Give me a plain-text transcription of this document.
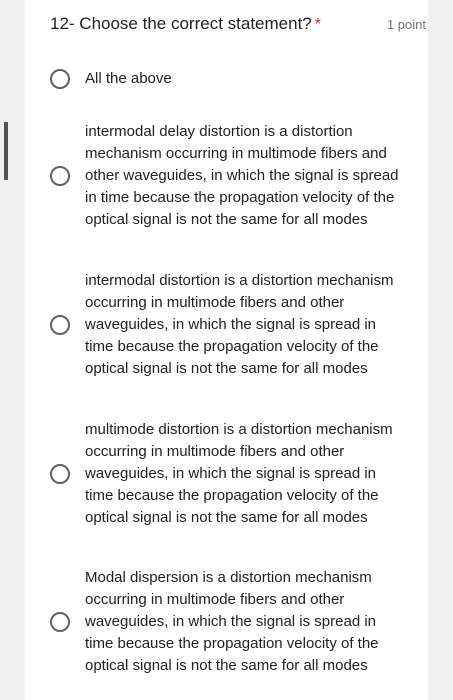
12- Choose the correct statement? *	1 point
All the above
intermodal delay distortion is a distortion mechanism occurring in multimode fibers and other waveguides, in which the signal is spread in time because the propagation velocity of the optical signal is not the same for all modes
intermodal distortion is a distortion mechanism occurring in multimode fibers and other waveguides, in which the signal is spread in time because the propagation velocity of the optical signal is not the same for all modes
multimode distortion is a distortion mechanism occurring in multimode fibers and other waveguides, in which the signal is spread in time because the propagation velocity of the optical signal is not the same for all modes
Modal dispersion is a distortion mechanism occurring in multimode fibers and other waveguides, in which the signal is spread in time because the propagation velocity of the optical signal is not the same for all modes
